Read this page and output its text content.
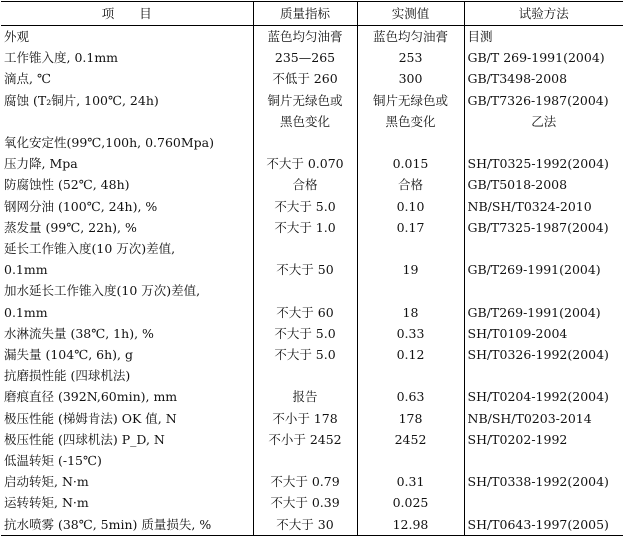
项　　目	质量指标	实测值	试验方法
外观	蓝色均匀油膏	蓝色均匀油膏	目测
工作锥入度, 0.1mm	235—265	253	GB/T 269-1991(2004)
滴点, ℃	不低于 260	300	GB/T3498-2008
腐蚀 (T₂铜片, 100℃, 24h)	铜片无绿色或	铜片无绿色或	GB/T7326-1987(2004)
	黑色变化	黑色变化	乙法
氧化安定性(99℃,100h, 0.760Mpa)			
压力降, Mpa	不大于 0.070	0.015	SH/T0325-1992(2004)
防腐蚀性 (52℃, 48h)	合格	合格	GB/T5018-2008
钢网分油 (100℃, 24h), %	不大于 5.0	0.10	NB/SH/T0324-2010
蒸发量 (99℃, 22h), %	不大于 1.0	0.17	GB/T7325-1987(2004)
延长工作锥入度(10 万次)差值,			
0.1mm	不大于 50	19	GB/T269-1991(2004)
加水延长工作锥入度(10 万次)差值,			
0.1mm	不大于 60	18	GB/T269-1991(2004)
水淋流失量 (38℃, 1h), %	不大于 5.0	0.33	SH/T0109-2004
漏失量 (104℃, 6h), g	不大于 5.0	0.12	SH/T0326-1992(2004)
抗磨损性能 (四球机法)			
磨痕直径 (392N,60min), mm	报告	0.63	SH/T0204-1992(2004)
极压性能 (梯姆肯法) OK 值, N	不小于 178	178	NB/SH/T0203-2014
极压性能 (四球机法) P_D, N	不小于 2452	2452	SH/T0202-1992
低温转矩 (-15℃)			
启动转矩, N·m	不大于 0.79	0.31	SH/T0338-1992(2004)
运转转矩, N·m	不大于 0.39	0.025	
抗水喷雾 (38℃, 5min) 质量损失, %	不大于 30	12.98	SH/T0643-1997(2005)
